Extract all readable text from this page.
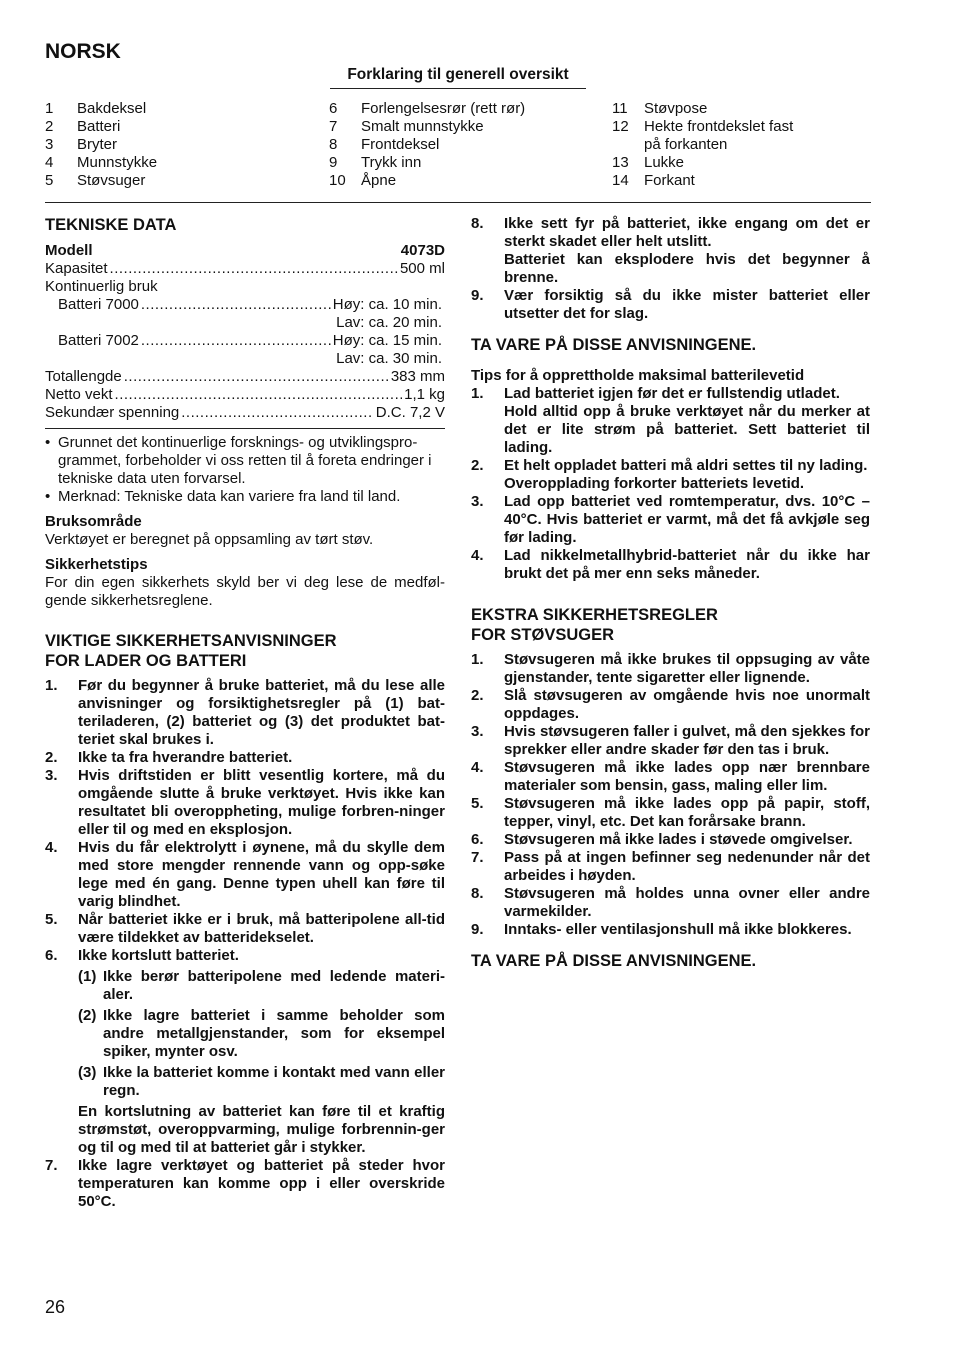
NORSK
Forklaring til generell oversikt
1	Bakdeksel
2	Batteri
3	Bryter
4	Munnstykke
5	Støvsuger
6	Forlengelsesrør (rett rør)
7	Smalt munnstykke
8	Frontdeksel
9	Trykk inn
10	Åpne
11	Støvpose
12	Hekte frontdekslet fast
på forkanten
13	Lukke
14	Forkant
TEKNISKE DATA
Modell	4073D
Kapasitet .....	500 ml
Kontinuerlig bruk
Batteri 7000 .....	Høy: ca. 10 min.
Lav: ca. 20 min.
Batteri 7002 .....	Høy: ca. 15 min.
Lav: ca. 30 min.
Totallengde .....	383 mm
Netto vekt .....	1,1 kg
Sekundær spenning .....	D.C. 7,2 V
• Grunnet det kontinuerlige forsknings- og utviklingspro-grammet, forbeholder vi oss retten til å foreta endringer i tekniske data uten forvarsel.
• Merknad: Tekniske data kan variere fra land til land.
Bruksområde
Verktøyet er beregnet på oppsamling av tørt støv.
Sikkerhetstips
For din egen sikkerhets skyld ber vi deg lese de medføl-gende sikkerhetsreglene.
VIKTIGE SIKKERHETSANVISNINGER
FOR LADER OG BATTERI
1.	Før du begynner å bruke batteriet, må du lese alle anvisninger og forsiktighetsregler på (1) bat-teriladeren, (2) batteriet og (3) det produktet bat-teriet skal brukes i.
2.	Ikke ta fra hverandre batteriet.
3.	Hvis driftstiden er blitt vesentlig kortere, må du omgående slutte å bruke verktøyet. Hvis ikke kan resultatet bli overoppheting, mulige forbren-ninger eller til og med en eksplosjon.
4.	Hvis du får elektrolytt i øynene, må du skylle dem med store mengder rennende vann og opp-søke lege med én gang. Denne typen uhell kan føre til varig blindhet.
5.	Når batteriet ikke er i bruk, må batteripolene all-tid være tildekket av batteridekselet.
6.	Ikke kortslutt batteriet.
(1) Ikke berør batteripolene med ledende materi-aler.
(2) Ikke lagre batteriet i samme beholder som andre metallgjenstander, som for eksempel spiker, mynter osv.
(3) Ikke la batteriet komme i kontakt med vann eller regn.
En kortslutning av batteriet kan føre til et kraftig strømstøt, overoppvarming, mulige forbrennin-ger og til og med til at batteriet går i stykker.
7.	Ikke lagre verktøyet og batteriet på steder hvor temperaturen kan komme opp i eller overskride 50°C.
8.	Ikke sett fyr på batteriet, ikke engang om det er sterkt skadet eller helt utslitt.
Batteriet kan eksplodere hvis det begynner å brenne.
9.	Vær forsiktig så du ikke mister batteriet eller utsetter det for slag.
TA VARE PÅ DISSE ANVISNINGENE.
Tips for å opprettholde maksimal batterilevetid
1.	Lad batteriet igjen før det er fullstendig utladet.
Hold alltid opp å bruke verktøyet når du merker at det er lite strøm på batteriet. Sett batteriet til lading.
2.	Et helt oppladet batteri må aldri settes til ny lading.
Overopplading forkorter batteriets levetid.
3.	Lad opp batteriet ved romtemperatur, dvs. 10°C – 40°C. Hvis batteriet er varmt, må det få avkjøle seg før lading.
4.	Lad nikkelmetallhybrid-batteriet når du ikke har brukt det på mer enn seks måneder.
EKSTRA SIKKERHETSREGLER
FOR STØVSUGER
1.	Støvsugeren må ikke brukes til oppsuging av våte gjenstander, tente sigaretter eller lignende.
2.	Slå støvsugeren av omgående hvis noe unormalt oppdages.
3.	Hvis støvsugeren faller i gulvet, må den sjekkes for sprekker eller andre skader før den tas i bruk.
4.	Støvsugeren må ikke lades opp nær brennbare materialer som bensin, gass, maling eller lim.
5.	Støvsugeren må ikke lades opp på papir, stoff, tepper, vinyl, etc. Det kan forårsake brann.
6.	Støvsugeren må ikke lades i støvede omgivelser.
7.	Pass på at ingen befinner seg nedenunder når det arbeides i høyden.
8.	Støvsugeren må holdes unna ovner eller andre varmekilder.
9.	Inntaks- eller ventilasjonshull må ikke blokkeres.
TA VARE PÅ DISSE ANVISNINGENE.
26
